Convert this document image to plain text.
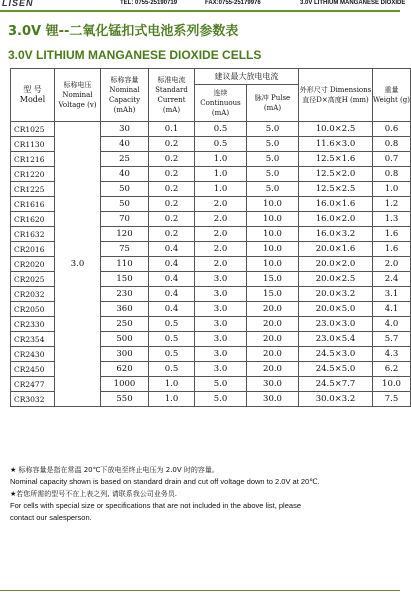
LISEN	TEL: 0755-25190719	FAX:0755-25179976	3.0V LITHIUM MANGANESE DIOXIDE
3.0V 锂--二氧化锰扣式电池系列参数表
3.0V LITHIUM MANGANESE DIOXIDE CELLS
型 号 Model	标称电压 Nominal Voltage (v)	标称容量 Nominal Capacity (mAh)	标准电流 Standard Current (mA)	建议最大放电电流		外形尺寸 Dimensions 直径D×高度H (mm)	重量 Weight (g)
				连续 Continuous (mA)	脉冲 Pulse (mA)		
CR1025	3.0	30	0.1	0.5	5.0	10.0×2.5	0.6
CR1130		40	0.2	0.5	5.0	11.6×3.0	0.8
CR1216		25	0.2	1.0	5.0	12.5×1.6	0.7
CR1220		40	0.2	1.0	5.0	12.5×2.0	0.8
CR1225		50	0.2	1.0	5.0	12.5×2.5	1.0
CR1616		50	0.2	2.0	10.0	16.0×1.6	1.2
CR1620		70	0.2	2.0	10.0	16.0×2.0	1.3
CR1632		120	0.2	2.0	10.0	16.0×3.2	1.6
CR2016		75	0.4	2.0	10.0	20.0×1.6	1.6
CR2020		110	0.4	2.0	10.0	20.0×2.0	2.0
CR2025		150	0.4	3.0	15.0	20.0×2.5	2.4
CR2032		230	0.4	3.0	15.0	20.0×3.2	3.1
CR2050		360	0.4	3.0	20.0	20.0×5.0	4.1
CR2330		250	0.5	3.0	20.0	23.0×3.0	4.0
CR2354		500	0.5	3.0	20.0	23.0×5.4	5.7
CR2430		300	0.5	3.0	20.0	24.5×3.0	4.3
CR2450		620	0.5	3.0	20.0	24.5×5.0	6.2
CR2477		1000	1.0	5.0	30.0	24.5×7.7	10.0
CR3032		550	1.0	5.0	30.0	30.0×3.2	7.5

★ 标称容量是指在常温 20℃下放电至终止电压为 2.0V 时的容量。

Nominal capacity shown is based on standard drain and cut off voltage down to 2.0V at 20℃.

★若您所需的型号不在上表之列, 请联系我公司业务员.

For cells with special size or specifications that are not included in the above list, please

contact our salesperson.
